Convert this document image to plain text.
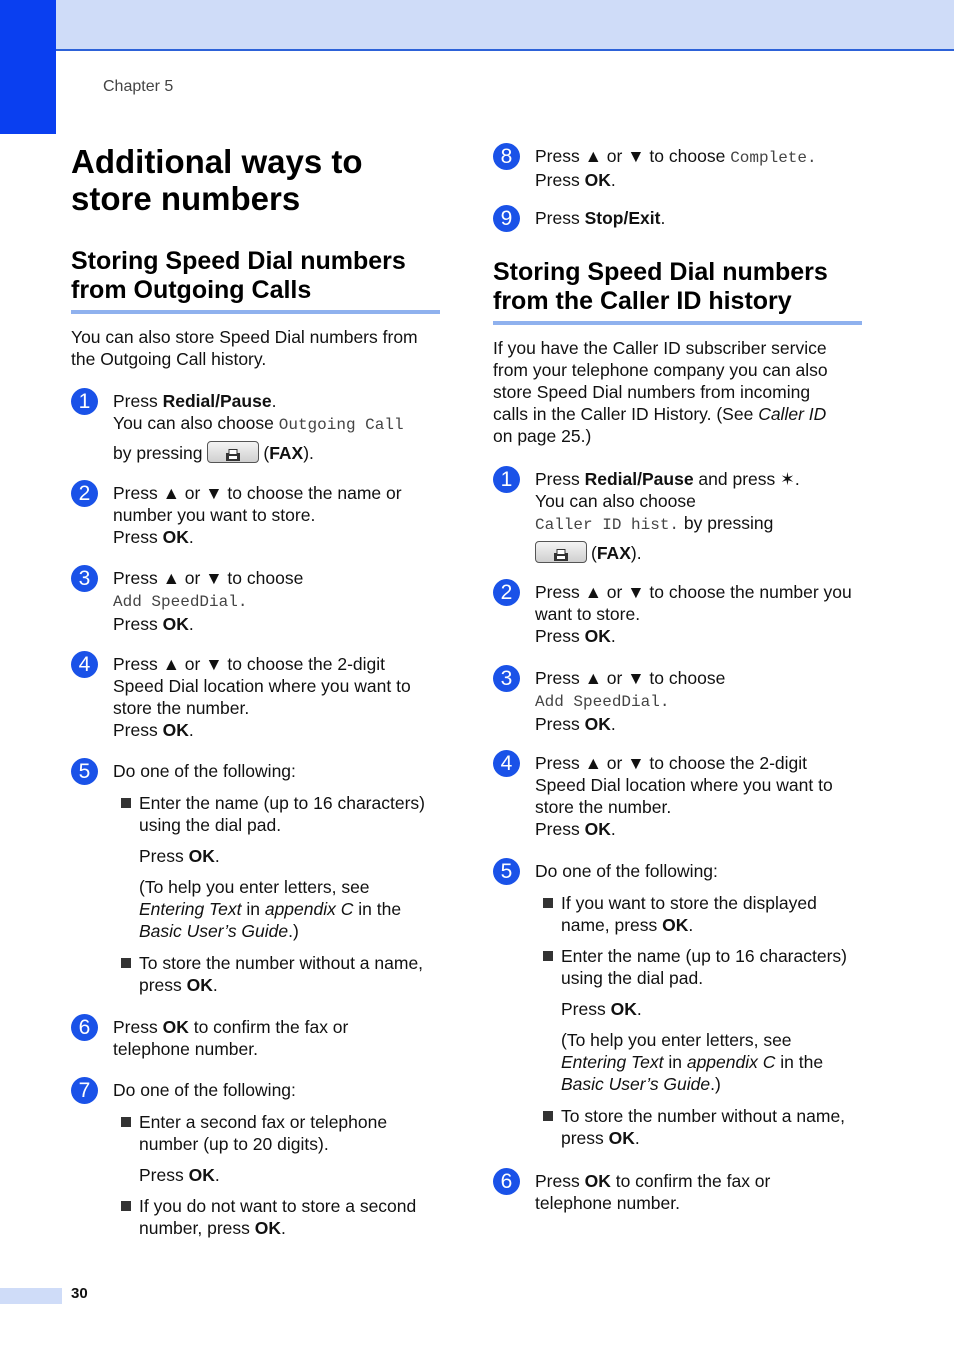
Chapter 5
Additional ways to
store numbers
Storing Speed Dial numbers
from Outgoing Calls

You can also store Speed Dial numbers from

the Outgoing Call history.

1	Press Redial/Pause.

You can also choose Outgoing Call

by pressing	(FAX).

2	Press ▲ or ▼ to choose the name or

number you want to store.

Press OK.

3	Press ▲ or ▼ to choose

Add SpeedDial.

Press OK.

4	Press ▲ or ▼ to choose the 2-digit

Speed Dial location where you want to

store the number.

Press OK.

5	Do one of the following:

Enter the name (up to 16 characters)

using the dial pad.

Press OK.

(To help you enter letters, see

Entering Text in appendix C in the

Basic User’s Guide.)

To store the number without a name,

press OK.

6	Press OK to confirm the fax or

telephone number.

7	Do one of the following:

Enter a second fax or telephone

number (up to 20 digits).

Press OK.

If you do not want to store a second

number, press OK.

8	Press ▲ or ▼ to choose Complete.

Press OK.

9	Press Stop/Exit.

Storing Speed Dial numbers
from the Caller ID history

If you have the Caller ID subscriber service

from your telephone company you can also

store Speed Dial numbers from incoming

calls in the Caller ID History. (See Caller ID

on page 25.)

1	Press Redial/Pause and press ✶.

You can also choose

Caller ID hist. by pressing

(FAX).

2	Press ▲ or ▼ to choose the number you

want to store.

Press OK.

3	Press ▲ or ▼ to choose

Add SpeedDial.

Press OK.

4	Press ▲ or ▼ to choose the 2-digit

Speed Dial location where you want to

store the number.

Press OK.

5	Do one of the following:

If you want to store the displayed

name, press OK.

Enter the name (up to 16 characters)

using the dial pad.

Press OK.

(To help you enter letters, see

Entering Text in appendix C in the

Basic User’s Guide.)

To store the number without a name,

press OK.

6	Press OK to confirm the fax or

telephone number.

30
